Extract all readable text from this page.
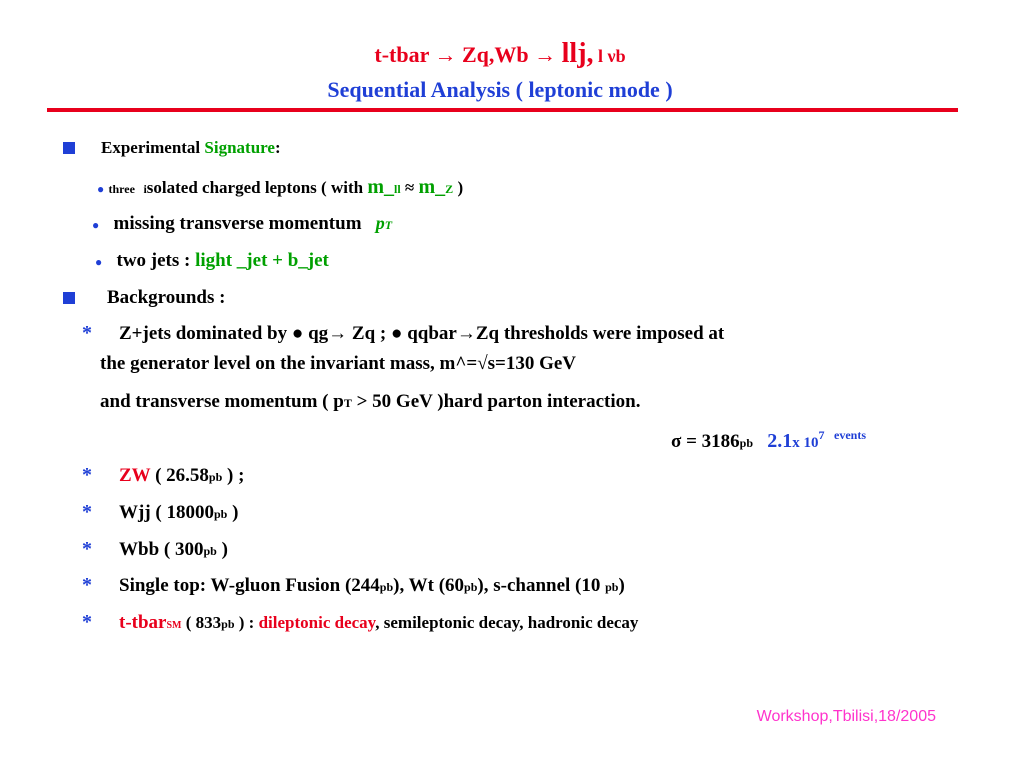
t-tbar → Zq,Wb → llj, l νb
Sequential Analysis ( leptonic mode )
Experimental Signature:
● three isolated charged leptons ( with m_ll ≈ m_Z )
● missing transverse momentum pT
● two jets : light _jet + b_jet
Backgrounds :
* Z+jets dominated by ● qg→ Zq ; ● qqbar→Zq thresholds were imposed at
the generator level on the invariant mass, m^=√s=130 GeV
and transverse momentum ( pT > 50 GeV )hard parton interaction.
σ = 3186pb 2.1x $10^7$ $^{events}$
* ZW ( 26.58pb ) ;
* Wjj ( 18000pb )
* Wbb ( 300pb )
* Single top: W-gluon Fusion (244pb), Wt (60pb), s-channel (10 pb)
* t-tbarSM ( 833pb ) : dileptonic decay, semileptonic decay, hadronic decay
Workshop,Tbilisi,18/2005
